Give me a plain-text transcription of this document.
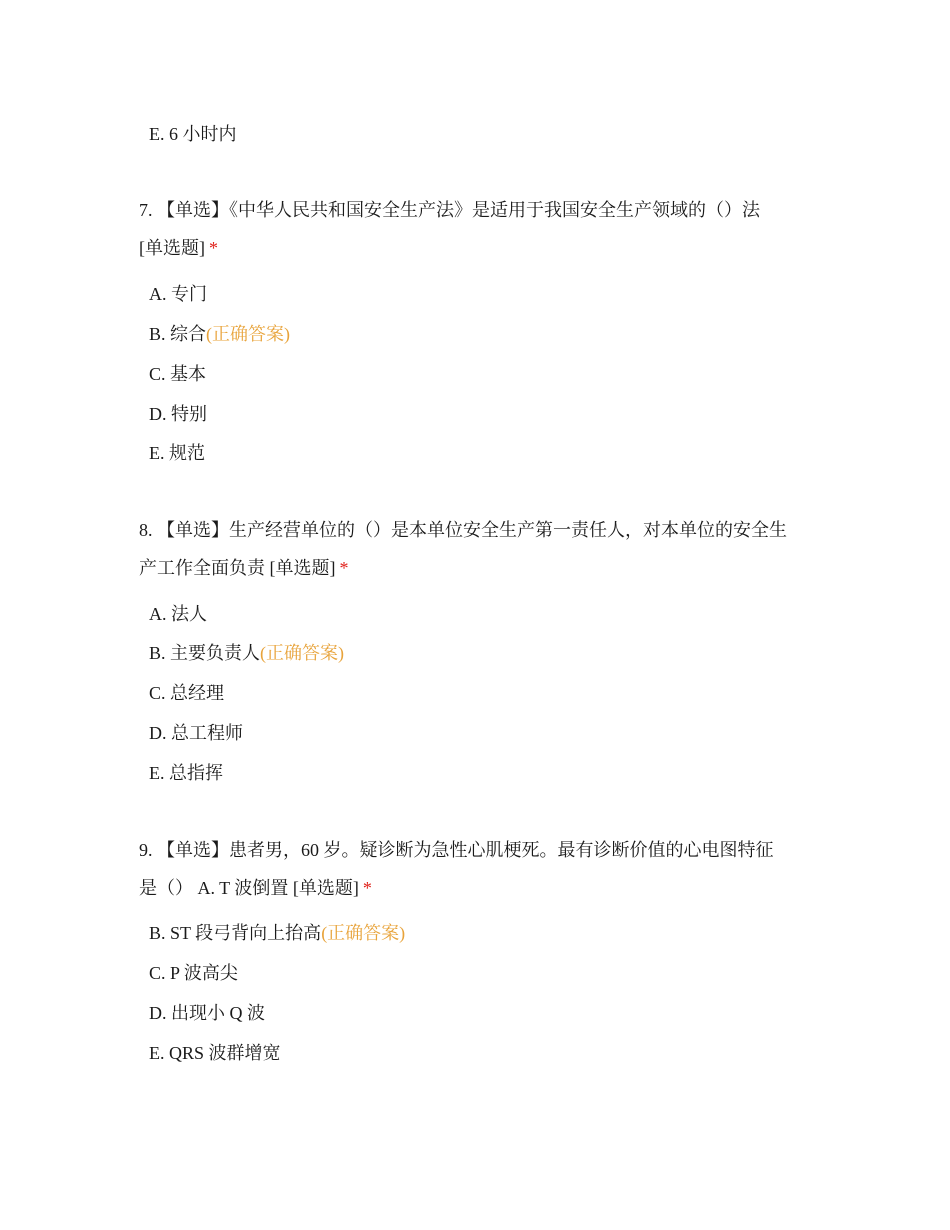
E. 6 小时内
7. 【单选】《中华人民共和国安全生产法》是适用于我国安全生产领域的（）法
[单选题] *
A. 专门
B. 综合(正确答案)
C. 基本
D. 特别
E. 规范
8. 【单选】生产经营单位的（）是本单位安全生产第一责任人，对本单位的安全生
产工作全面负责 [单选题] *
A. 法人
B. 主要负责人(正确答案)
C. 总经理
D. 总工程师
E. 总指挥
9. 【单选】患者男，60 岁。疑诊断为急性心肌梗死。最有诊断价值的心电图特征
是（） A. T 波倒置 [单选题] *
B. ST 段弓背向上抬高(正确答案)
C. P 波高尖
D. 出现小 Q 波
E. QRS 波群增宽
